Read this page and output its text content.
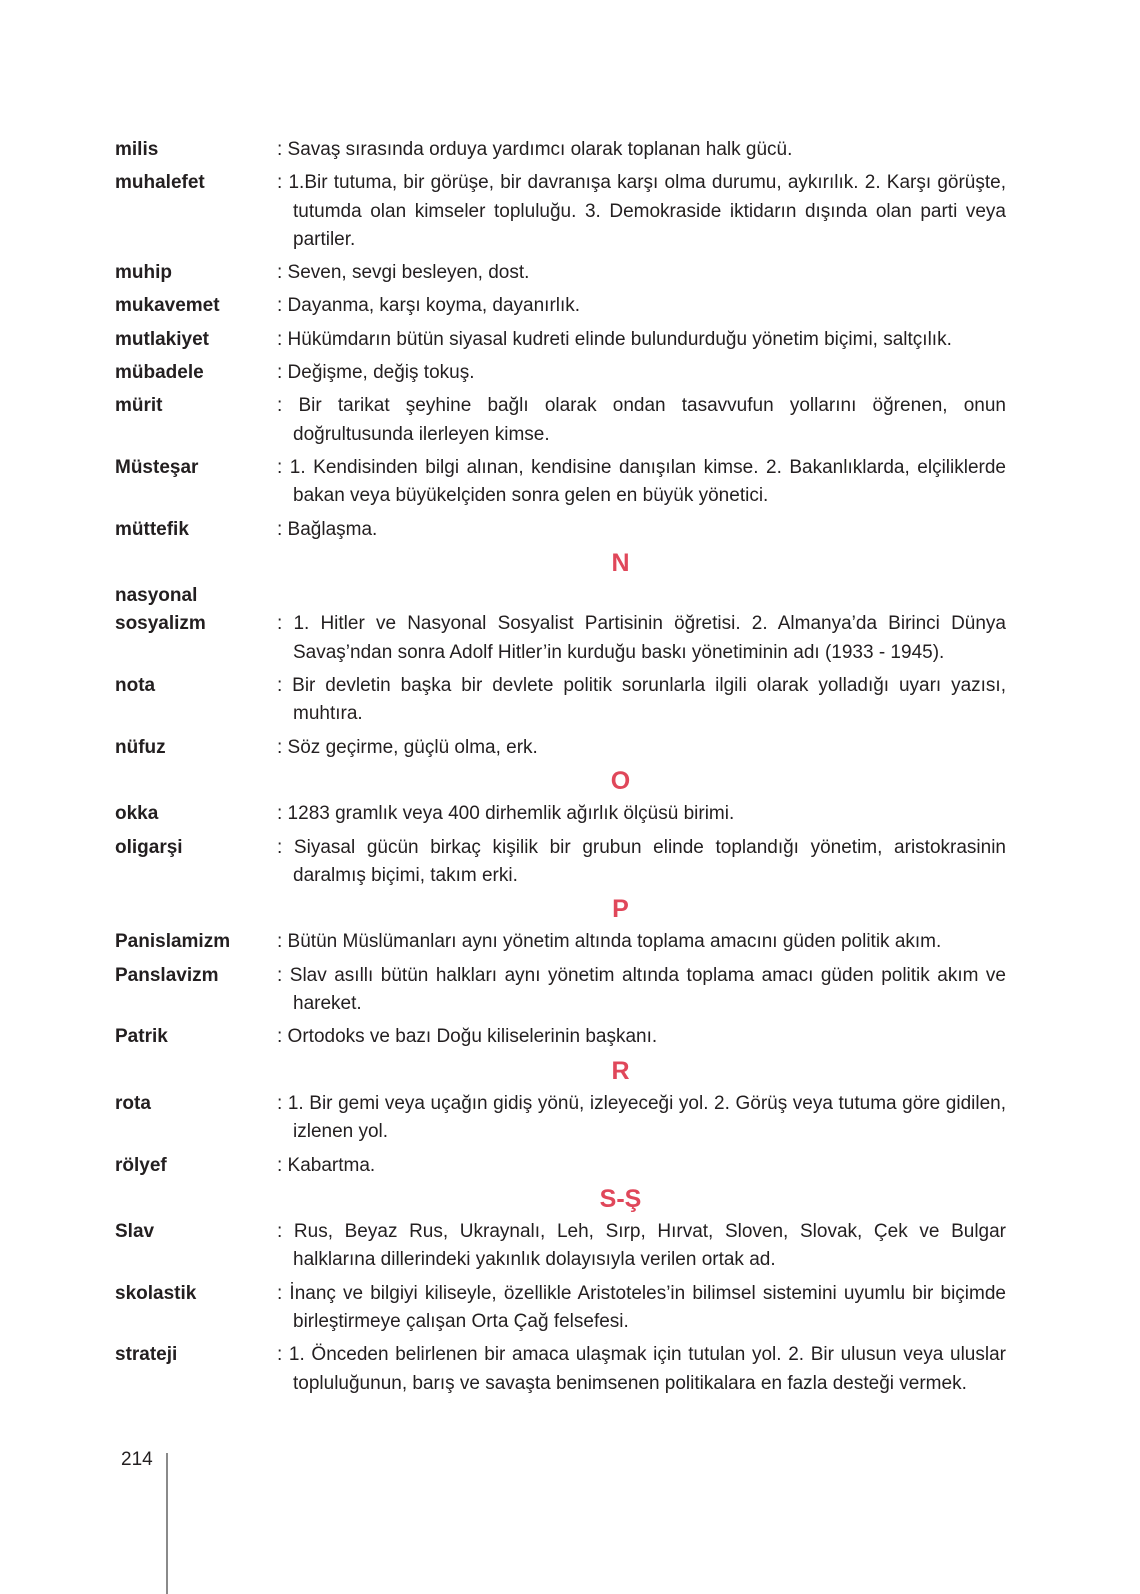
milis	: Savaş sırasında orduya yardımcı olarak toplanan halk gücü.
muhalefet	: 1.Bir tutuma, bir görüşe, bir davranışa karşı olma durumu, aykırılık. 2. Karşı görüşte, tutumda olan kimseler topluluğu. 3. Demokraside iktidarın dışında olan parti veya partiler.
muhip	: Seven, sevgi besleyen, dost.
mukavemet	: Dayanma, karşı koyma, dayanırlık.
mutlakiyet	: Hükümdarın bütün siyasal kudreti elinde bulundurduğu yönetim biçimi, saltçılık.
mübadele	: Değişme, değiş tokuş.
mürit	: Bir tarikat şeyhine bağlı olarak ondan tasavvufun yollarını öğrenen, onun doğrultusunda ilerleyen kimse.
Müsteşar	: 1. Kendisinden bilgi alınan, kendisine danışılan kimse. 2. Bakanlıklarda, elçiliklerde bakan veya büyükelçiden sonra gelen en büyük yönetici.
müttefik	: Bağlaşma.
N
nasyonal
sosyalizm	: 1. Hitler ve Nasyonal Sosyalist Partisinin öğretisi. 2. Almanya’da Birinci Dünya Savaş’ndan sonra Adolf Hitler’in kurduğu baskı yönetiminin adı (1933 - 1945).
nota	: Bir devletin başka bir devlete politik sorunlarla ilgili olarak yolladığı uyarı yazısı, muhtıra.
nüfuz	: Söz geçirme, güçlü olma, erk.
O
okka	: 1283 gramlık veya 400 dirhemlik ağırlık ölçüsü birimi.
oligarşi	: Siyasal gücün birkaç kişilik bir grubun elinde toplandığı yönetim, aristokrasinin daralmış biçimi, takım erki.
P
Panislamizm	: Bütün Müslümanları aynı yönetim altında toplama amacını güden politik akım.
Panslavizm	: Slav asıllı bütün halkları aynı yönetim altında toplama amacı güden politik akım ve hareket.
Patrik	: Ortodoks ve bazı Doğu kiliselerinin başkanı.
R
rota	: 1. Bir gemi veya uçağın gidiş yönü, izleyeceği yol. 2. Görüş veya tutuma göre gidilen, izlenen yol.
rölyef	: Kabartma.
S-Ş
Slav	: Rus, Beyaz Rus, Ukraynalı, Leh, Sırp, Hırvat, Sloven, Slovak, Çek ve Bulgar halklarına dillerindeki yakınlık dolayısıyla verilen ortak ad.
skolastik	: İnanç ve bilgiyi kiliseyle, özellikle Aristoteles’in bilimsel sistemini uyumlu bir biçimde birleştirmeye çalışan Orta Çağ felsefesi.
strateji	: 1. Önceden belirlenen bir amaca ulaşmak için tutulan yol. 2. Bir ulusun veya uluslar topluluğunun, barış ve savaşta benimsenen politikalara en fazla desteği vermek.
214
